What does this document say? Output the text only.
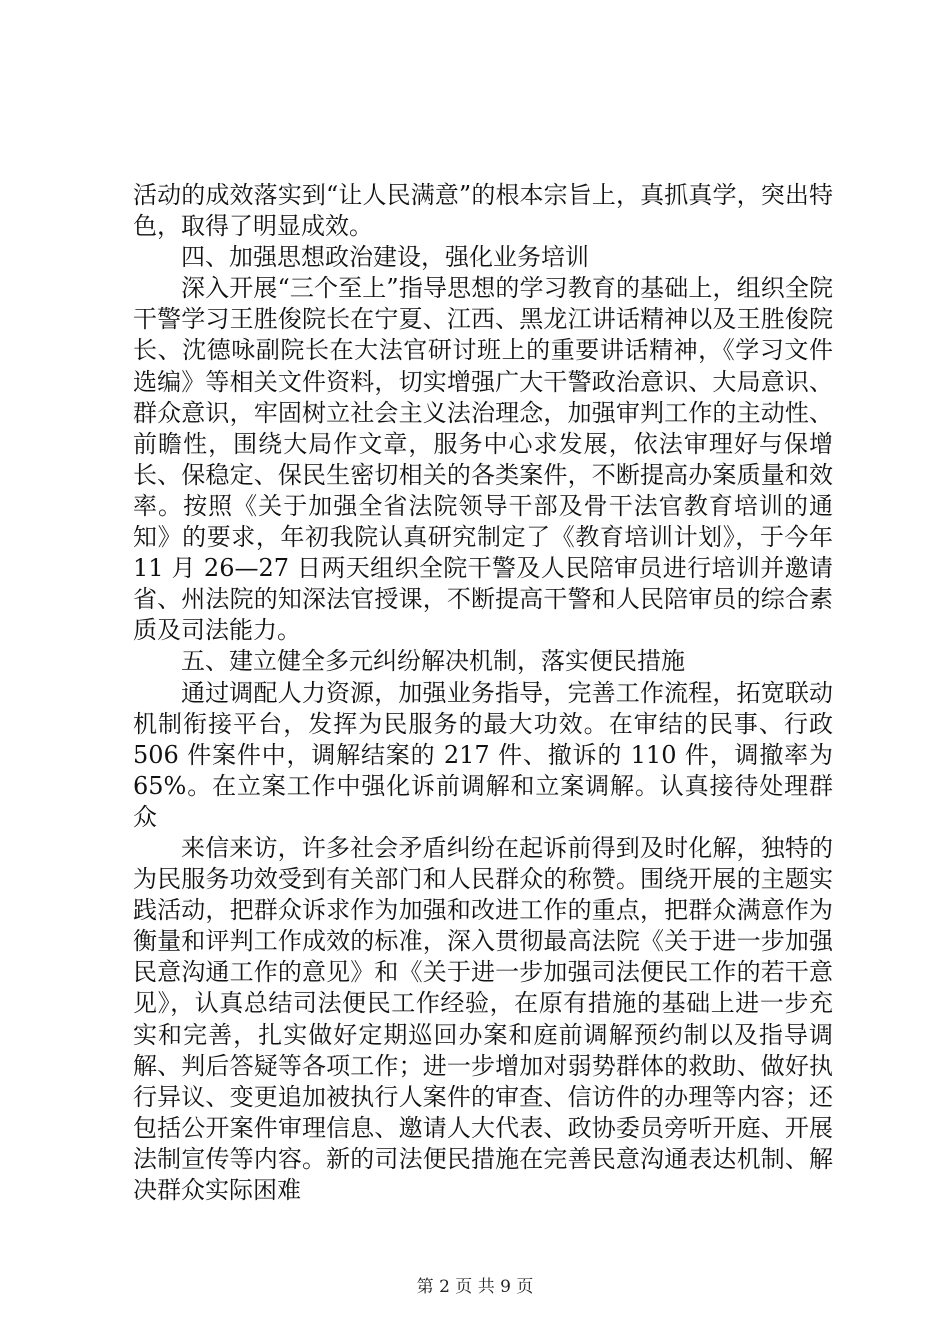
活动的成效落实到“让人民满意”的根本宗旨上，真抓真学，突出特色，取得了明显成效。

四、加强思想政治建设，强化业务培训

深入开展“三个至上”指导思想的学习教育的基础上，组织全院干警学习王胜俊院长在宁夏、江西、黑龙江讲话精神以及王胜俊院长、沈德咏副院长在大法官研讨班上的重要讲话精神，《学习文件选编》等相关文件资料，切实增强广大干警政治意识、大局意识、群众意识，牢固树立社会主义法治理念，加强审判工作的主动性、前瞻性，围绕大局作文章，服务中心求发展，依法审理好与保增长、保稳定、保民生密切相关的各类案件，不断提高办案质量和效率。按照《关于加强全省法院领导干部及骨干法官教育培训的通知》的要求，年初我院认真研究制定了《教育培训计划》，于今年 11 月 26—27 日两天组织全院干警及人民陪审员进行培训并邀请省、州法院的知深法官授课，不断提高干警和人民陪审员的综合素质及司法能力。

五、建立健全多元纠纷解决机制，落实便民措施

通过调配人力资源，加强业务指导，完善工作流程，拓宽联动机制衔接平台，发挥为民服务的最大功效。在审结的民事、行政 506 件案件中，调解结案的 217 件、撤诉的 110 件，调撤率为 65%。在立案工作中强化诉前调解和立案调解。认真接待处理群众

来信来访，许多社会矛盾纠纷在起诉前得到及时化解，独特的为民服务功效受到有关部门和人民群众的称赞。围绕开展的主题实践活动，把群众诉求作为加强和改进工作的重点，把群众满意作为衡量和评判工作成效的标准，深入贯彻最高法院《关于进一步加强民意沟通工作的意见》和《关于进一步加强司法便民工作的若干意见》，认真总结司法便民工作经验，在原有措施的基础上进一步充实和完善，扎实做好定期巡回办案和庭前调解预约制以及指导调解、判后答疑等各项工作；进一步增加对弱势群体的救助、做好执行异议、变更追加被执行人案件的审查、信访件的办理等内容；还包括公开案件审理信息、邀请人大代表、政协委员旁听开庭、开展法制宣传等内容。新的司法便民措施在完善民意沟通表达机制、解决群众实际困难

第 2 页 共 9 页
